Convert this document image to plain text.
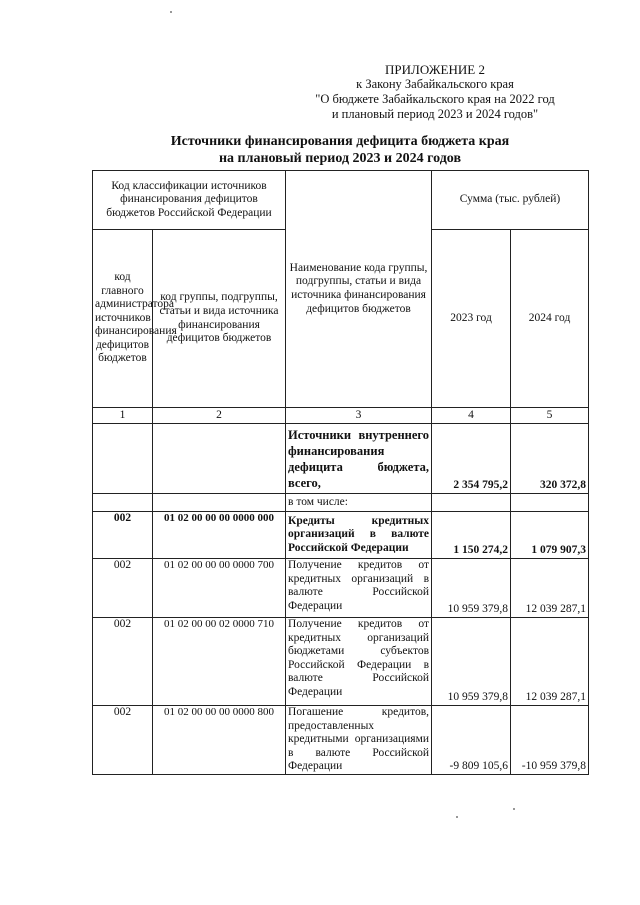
ПРИЛОЖЕНИЕ 2
к Закону Забайкальского края
"О бюджете Забайкальского края на 2022 год
и плановый период 2023 и 2024 годов"
Источники финансирования дефицита бюджета края
на плановый период 2023 и 2024 годов
Код классификации источников финансирования дефицитов бюджетов Российской Федерации		Наименование кода группы, подгруппы, статьи и вида источника финансирования дефицитов бюджетов	Сумма (тыс. рублей)	
код главного администратора источников финансирования дефицитов бюджетов	код группы, подгруппы, статьи и вида источника финансирования дефицитов бюджетов		2023 год	2024 год
1	2	3	4	5
		Источники внутреннего финансирования дефицита бюджета, всего,	2 354 795,2	320 372,8
		в том числе:		
002	01 02 00 00 00 0000 000	Кредиты кредитных организаций в валюте Российской Федерации	1 150 274,2	1 079 907,3
002	01 02 00 00 00 0000 700	Получение кредитов от кредитных организаций в валюте Российской Федерации	10 959 379,8	12 039 287,1
002	01 02 00 00 02 0000 710	Получение кредитов от кредитных организаций бюджетами субъектов Российской Федерации в валюте Российской Федерации	10 959 379,8	12 039 287,1
002	01 02 00 00 00 0000 800	Погашение кредитов, предоставленных кредитными организациями в валюте Российской Федерации	-9 809 105,6	-10 959 379,8
